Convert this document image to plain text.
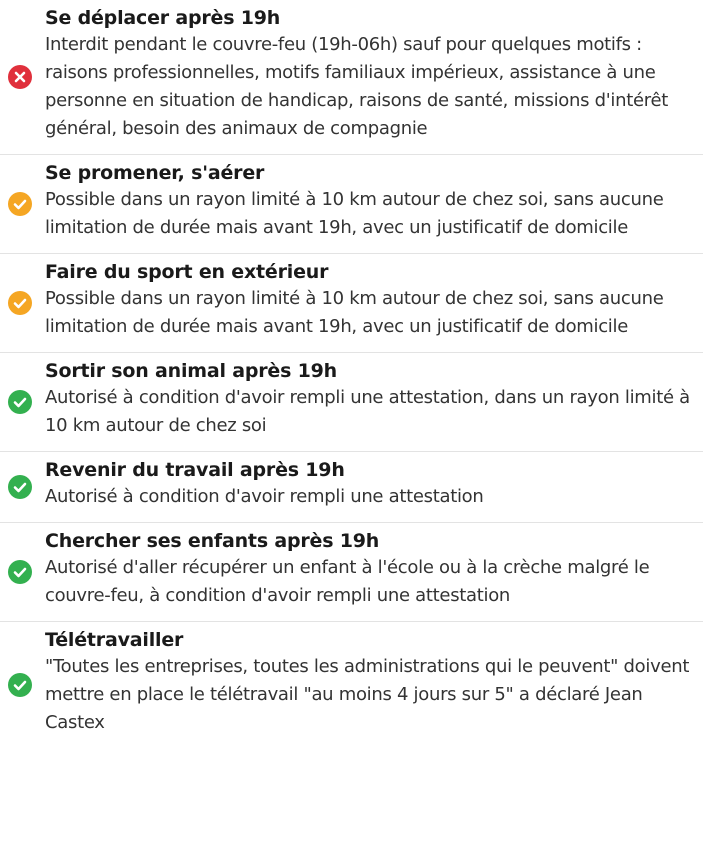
Se déplacer après 19h
Interdit pendant le couvre-feu (19h-06h) sauf pour quelques motifs : raisons professionnelles, motifs familiaux impérieux, assistance à une personne en situation de handicap, raisons de santé, missions d'intérêt général, besoin des animaux de compagnie
Se promener, s'aérer
Possible dans un rayon limité à 10 km autour de chez soi, sans aucune limitation de durée mais avant 19h, avec un justificatif de domicile
Faire du sport en extérieur
Possible dans un rayon limité à 10 km autour de chez soi, sans aucune limitation de durée mais avant 19h, avec un justificatif de domicile
Sortir son animal après 19h
Autorisé à condition d'avoir rempli une attestation, dans un rayon limité à 10 km autour de chez soi
Revenir du travail après 19h
Autorisé à condition d'avoir rempli une attestation
Chercher ses enfants après 19h
Autorisé d'aller récupérer un enfant à l'école ou à la crèche malgré le couvre-feu, à condition d'avoir rempli une attestation
Télétravailler
"Toutes les entreprises, toutes les administrations qui le peuvent" doivent mettre en place le télétravail "au moins 4 jours sur 5" a déclaré Jean Castex
